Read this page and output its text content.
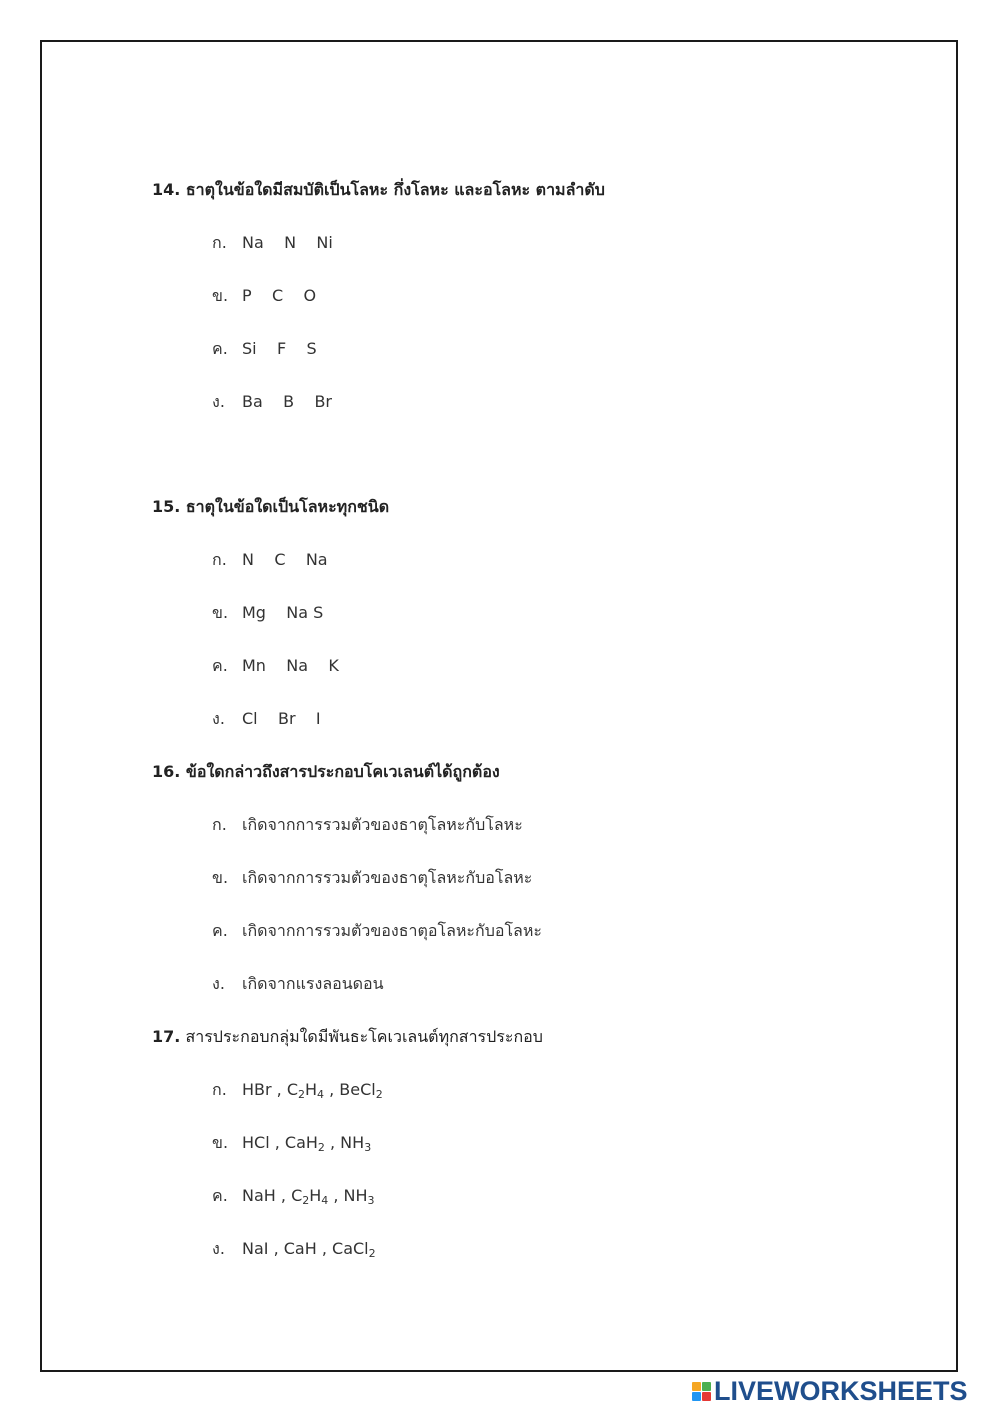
14. ธาตุในข้อใดมีสมบัติเป็นโลหะ กึ่งโลหะ และอโลหะ ตามลำดับ
ก. Na    N    Ni
ข. P    C    O
ค. Si    F    S
ง. Ba    B    Br
15. ธาตุในข้อใดเป็นโลหะทุกชนิด
ก. N    C    Na
ข. Mg    Na S
ค. Mn    Na    K
ง. Cl    Br    I
16. ข้อใดกล่าวถึงสารประกอบโคเวเลนต์ได้ถูกต้อง
ก. เกิดจากการรวมตัวของธาตุโลหะกับโลหะ
ข. เกิดจากการรวมตัวของธาตุโลหะกับอโลหะ
ค. เกิดจากการรวมตัวของธาตุอโลหะกับอโลหะ
ง. เกิดจากแรงลอนดอน
17. สารประกอบกลุ่มใดมีพันธะโคเวเลนต์ทุกสารประกอบ
ก. HBr , $C_2H_4$ , BeCl$_2$
ข. HCl , CaH$_2$ , $NH_3$
ค. NaH , $C_2H_4$ , $NH_3$
ง. NaI , CaH , CaCl$_2$
LIVEWORKSHEETS
